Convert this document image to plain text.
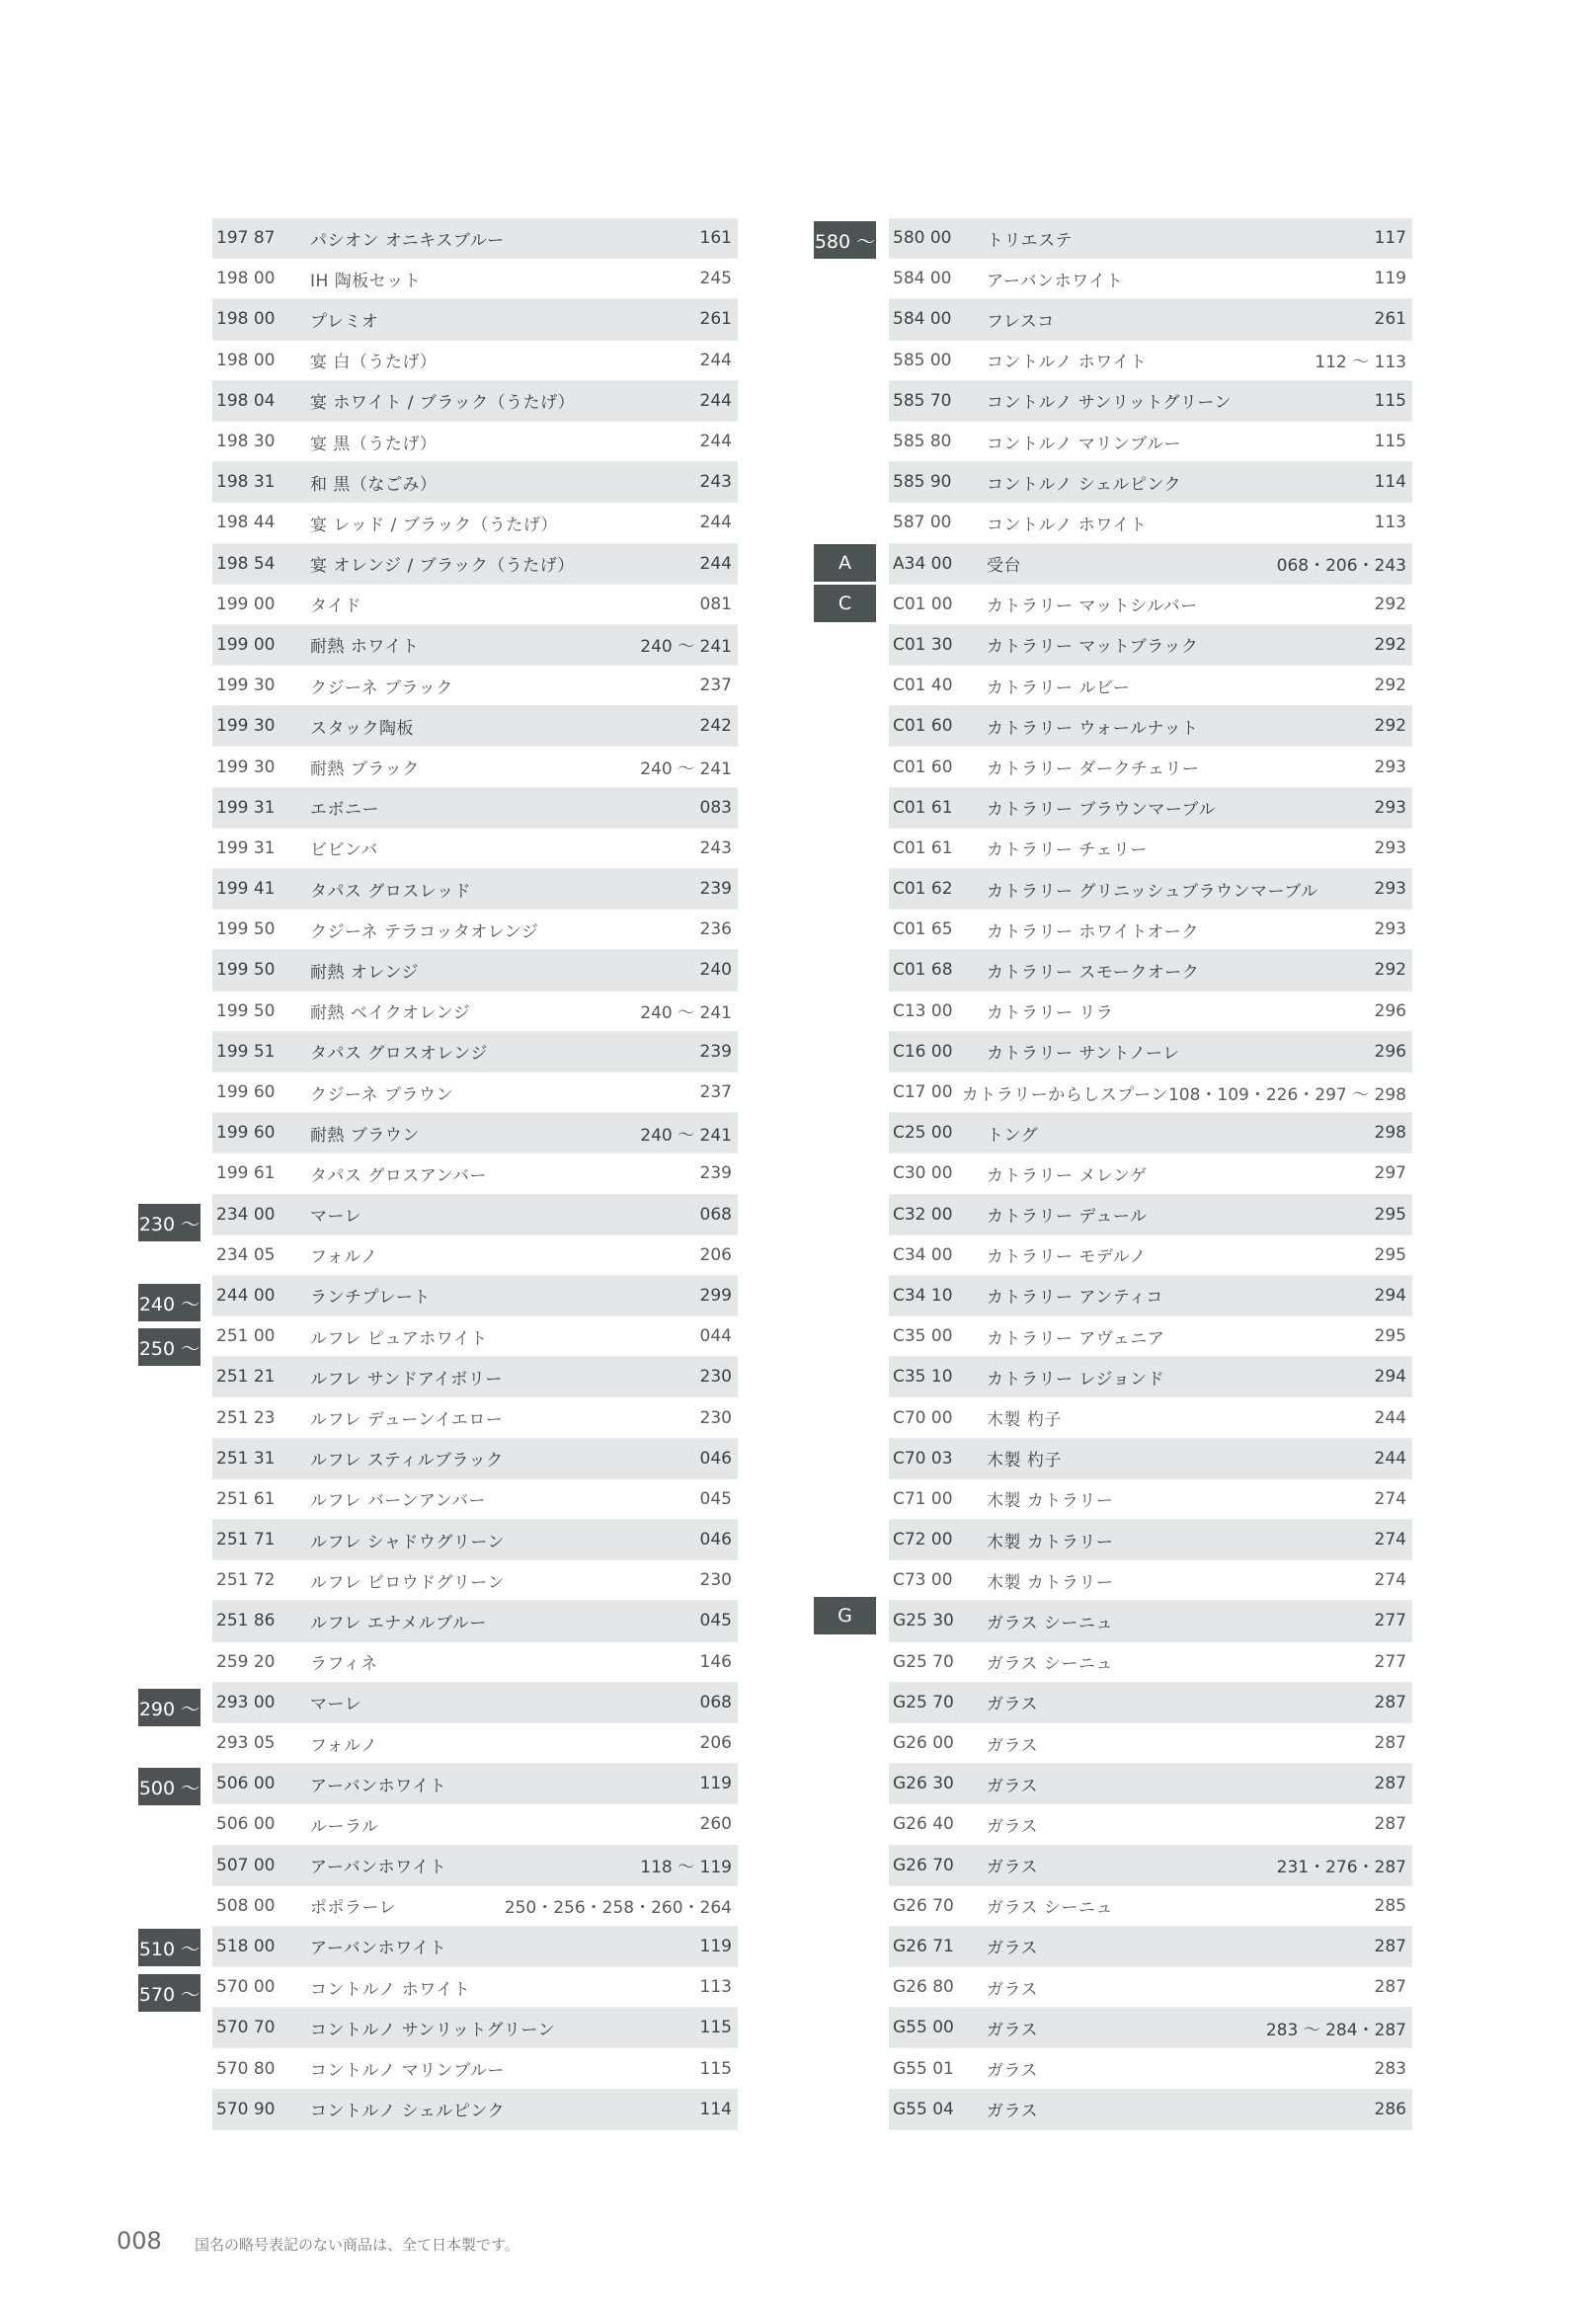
197 87	パシオン オニキスブルー	161
198 00	IH 陶板セット	245
198 00	プレミオ	261
198 00	宴 白（うたげ）	244
198 04	宴 ホワイト / ブラック（うたげ）	244
198 30	宴 黒（うたげ）	244
198 31	和 黒（なごみ）	243
198 44	宴 レッド / ブラック（うたげ）	244
198 54	宴 オレンジ / ブラック（うたげ）	244
199 00	タイド	081
199 00	耐熱 ホワイト	240 〜 241
199 30	クジーネ ブラック	237
199 30	スタック陶板	242
199 30	耐熱 ブラック	240 〜 241
199 31	エボニー	083
199 31	ビビンバ	243
199 41	タパス グロスレッド	239
199 50	クジーネ テラコッタオレンジ	236
199 50	耐熱 オレンジ	240
199 50	耐熱 ベイクオレンジ	240 〜 241
199 51	タパス グロスオレンジ	239
199 60	クジーネ ブラウン	237
199 60	耐熱 ブラウン	240 〜 241
199 61	タパス グロスアンバー	239
234 00	マーレ	068
234 05	フォルノ	206
244 00	ランチプレート	299
251 00	ルフレ ピュアホワイト	044
251 21	ルフレ サンドアイボリー	230
251 23	ルフレ デューンイエロー	230
251 31	ルフレ スティルブラック	046
251 61	ルフレ バーンアンバー	045
251 71	ルフレ シャドウグリーン	046
251 72	ルフレ ビロウドグリーン	230
251 86	ルフレ エナメルブルー	045
259 20	ラフィネ	146
293 00	マーレ	068
293 05	フォルノ	206
506 00	アーバンホワイト	119
506 00	ルーラル	260
507 00	アーバンホワイト	118 〜 119
508 00	ポポラーレ	250・256・258・260・264
518 00	アーバンホワイト	119
570 00	コントルノ ホワイト	113
570 70	コントルノ サンリットグリーン	115
570 80	コントルノ マリンブルー	115
570 90	コントルノ シェルピンク	114
580 00	トリエステ	117
584 00	アーバンホワイト	119
584 00	フレスコ	261
585 00	コントルノ ホワイト	112 〜 113
585 70	コントルノ サンリットグリーン	115
585 80	コントルノ マリンブルー	115
585 90	コントルノ シェルピンク	114
587 00	コントルノ ホワイト	113
A34 00	受台	068・206・243
C01 00	カトラリー マットシルバー	292
C01 30	カトラリー マットブラック	292
C01 40	カトラリー ルビー	292
C01 60	カトラリー ウォールナット	292
C01 60	カトラリー ダークチェリー	293
C01 61	カトラリー ブラウンマーブル	293
C01 61	カトラリー チェリー	293
C01 62	カトラリー グリニッシュブラウンマーブル	293
C01 65	カトラリー ホワイトオーク	293
C01 68	カトラリー スモークオーク	292
C13 00	カトラリー リラ	296
C16 00	カトラリー サントノーレ	296
C17 00 カトラリーからしスプーン 108・109・226・297 〜 298
C25 00	トング	298
C30 00	カトラリー メレンゲ	297
C32 00	カトラリー デュール	295
C34 00	カトラリー モデルノ	295
C34 10	カトラリー アンティコ	294
C35 00	カトラリー アヴェニア	295
C35 10	カトラリー レジョンド	294
C70 00	木製 杓子	244
C70 03	木製 杓子	244
C71 00	木製 カトラリー	274
C72 00	木製 カトラリー	274
C73 00	木製 カトラリー	274
G25 30	ガラス シーニュ	277
G25 70	ガラス シーニュ	277
G25 70	ガラス	287
G26 00	ガラス	287
G26 30	ガラス	287
G26 40	ガラス	287
G26 70	ガラス	231・276・287
G26 70	ガラス シーニュ	285
G26 71	ガラス	287
G26 80	ガラス	287
G55 00	ガラス	283 〜 284・287
G55 01	ガラス	283
G55 04	ガラス	286
230 〜
240 〜
250 〜
290 〜
500 〜
510 〜
570 〜
580 〜
A
C
G
008 国名の略号表記のない商品は、全て日本製です。
